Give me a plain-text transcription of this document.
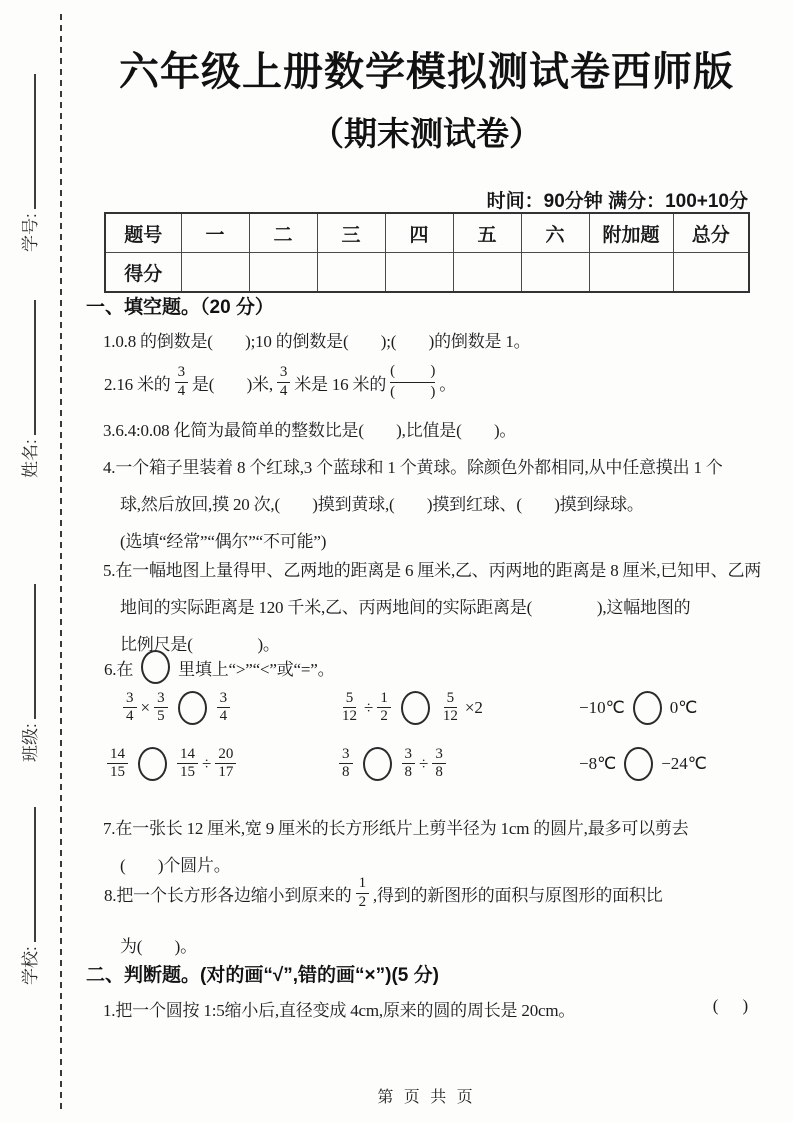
学号:
姓名:
班级:
学校:
六年级上册数学模拟测试卷西师版
（期末测试卷）
时间：90分钟 满分：100+10分
题号	一	二	三	四	五	六	附加题	总分
得分								
一、填空题。（20 分）
1.0.8 的倒数是(        );10 的倒数是(        );(        )的倒数是 1。
2.16 米的 $\frac{3}{4}$ 是(        )米, $\frac{3}{4}$ 米是 16 米的
(          )
(          ) 。
3.6.4:0.08 化简为最简单的整数比是(        ),比值是(        )。
4.一个箱子里装着 8 个红球,3 个蓝球和 1 个黄球。除颜色外都相同,从中任意摸出 1 个
球,然后放回,摸 20 次,(        )摸到黄球,(        )摸到红球、(        )摸到绿球。
(选填“经常”“偶尔”“不可能”)
5.在一幅地图上量得甲、乙两地的距离是 6 厘米,乙、丙两地的距离是 8 厘米,已知甲、乙两
地间的实际距离是 120 千米,乙、丙两地间的实际距离是(                ),这幅地图的
比例尺是(                )。
6.在	里填上“>”“<”或“=”。
$\frac{3}{4} \times \frac{3}{5}$	$\frac{3}{4}$	$\frac{5}{12} \div \frac{1}{2}$	$\frac{5}{12} \times 2$	−10℃	0℃
$\frac{14}{15}$	$\frac{14}{15} \div \frac{20}{17}$	$\frac{3}{8}$	$\frac{3}{8} \div \frac{3}{8}$	−8℃	−24℃
7.在一张长 12 厘米,宽 9 厘米的长方形纸片上剪半径为 1cm 的圆片,最多可以剪去
(        )个圆片。
8.把一个长方形各边缩小到原来的 $\frac{1}{2}$ ,得到的新图形的面积与原图形的面积比
为(        )。
二、判断题。(对的画“√”,错的画“×”)(5 分)
1.把一个圆按 1:5缩小后,直径变成 4cm,原来的圆的周长是 20cm。	(      )
第 页 共 页
